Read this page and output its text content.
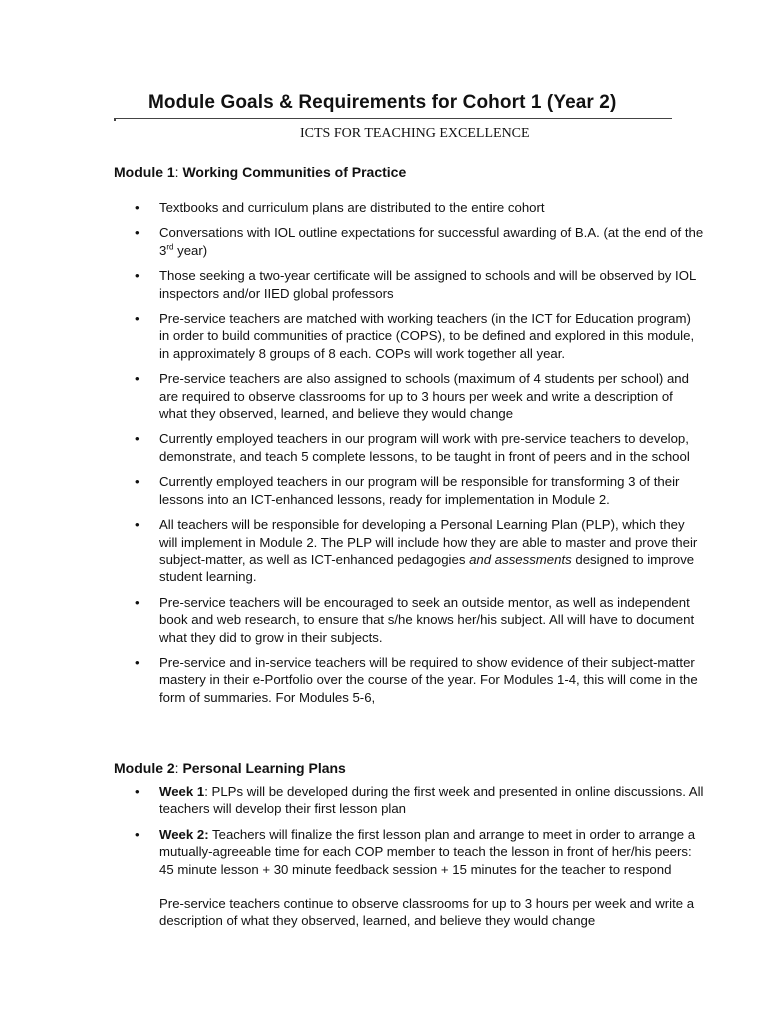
Module Goals & Requirements for Cohort 1 (Year 2)
ICTS FOR TEACHING EXCELLENCE
Module 1: Working Communities of Practice
• Textbooks and curriculum plans are distributed to the entire cohort
• Conversations with IOL outline expectations for successful awarding of B.A. (at the end of the 3rd year)
• Those seeking a two-year certificate will be assigned to schools and will be observed by IOL inspectors and/or IIED global professors
• Pre-service teachers are matched with working teachers (in the ICT for Education program) in order to build communities of practice (COPS), to be defined and explored in this module, in approximately 8 groups of 8 each. COPs will work together all year.
• Pre-service teachers are also assigned to schools (maximum of 4 students per school) and are required to observe classrooms for up to 3 hours per week and write a description of what they observed, learned, and believe they would change
• Currently employed teachers in our program will work with pre-service teachers to develop, demonstrate, and teach 5 complete lessons, to be taught in front of peers and in the school
• Currently employed teachers in our program will be responsible for transforming 3 of their lessons into an ICT-enhanced lessons, ready for implementation in Module 2.
• All teachers will be responsible for developing a Personal Learning Plan (PLP), which they will implement in Module 2. The PLP will include how they are able to master and prove their subject-matter, as well as ICT-enhanced pedagogies and assessments designed to improve student learning.
• Pre-service teachers will be encouraged to seek an outside mentor, as well as independent book and web research, to ensure that s/he knows her/his subject. All will have to document what they did to grow in their subjects.
• Pre-service and in-service teachers will be required to show evidence of their subject-matter mastery in their e-Portfolio over the course of the year. For Modules 1-4, this will come in the form of summaries. For Modules 5-6,
Module 2: Personal Learning Plans
• Week 1: PLPs will be developed during the first week and presented in online discussions. All teachers will develop their first lesson plan
• Week 2: Teachers will finalize the first lesson plan and arrange to meet in order to arrange a mutually-agreeable time for each COP member to teach the lesson in front of her/his peers: 45 minute lesson + 30 minute feedback session + 15 minutes for the teacher to respond
Pre-service teachers continue to observe classrooms for up to 3 hours per week and write a description of what they observed, learned, and believe they would change
